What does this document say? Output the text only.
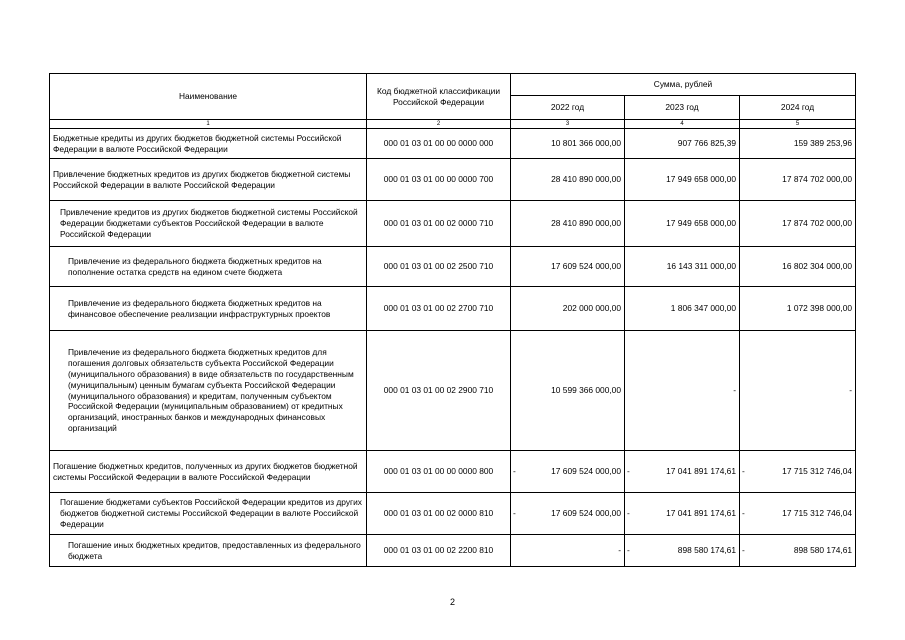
Наименование	Код бюджетной классификации Российской Федерации	Сумма, рублей		
		2022 год	2023 год	2024 год
1	2	3	4	5
Бюджетные кредиты из других бюджетов бюджетной системы Российской Федерации в валюте Российской Федерации	000 01 03 01 00 00 0000 000	10 801 366 000,00	907 766 825,39	159 389 253,96
Привлечение бюджетных кредитов из других бюджетов бюджетной системы Российской Федерации в валюте Российской Федерации	000 01 03 01 00 00 0000 700	28 410 890 000,00	17 949 658 000,00	17 874 702 000,00
Привлечение кредитов из других бюджетов бюджетной системы Российской Федерации бюджетами субъектов Российской Федерации в валюте Российской Федерации	000 01 03 01 00 02 0000 710	28 410 890 000,00	17 949 658 000,00	17 874 702 000,00
Привлечение из федерального бюджета бюджетных кредитов на пополнение остатка средств на едином счете бюджета	000 01 03 01 00 02 2500 710	17 609 524 000,00	16 143 311 000,00	16 802 304 000,00
Привлечение из федерального бюджета бюджетных кредитов на финансовое обеспечение реализации инфраструктурных проектов	000 01 03 01 00 02 2700 710	202 000 000,00	1 806 347 000,00	1 072 398 000,00
Привлечение из федерального бюджета бюджетных кредитов для погашения долговых обязательств субъекта Российской Федерации (муниципального образования) в виде обязательств по государственным (муниципальным) ценным бумагам субъекта Российской Федерации (муниципального образования) и кредитам, полученным субъектом Российской Федерации (муниципальным образованием) от кредитных организаций, иностранных банков и международных финансовых организаций	000 01 03 01 00 02 2900 710	10 599 366 000,00	-	-
Погашение бюджетных кредитов, полученных из других бюджетов бюджетной системы Российской Федерации в валюте Российской Федерации	000 01 03 01 00 00 0000 800	- 17 609 524 000,00	- 17 041 891 174,61	- 17 715 312 746,04
Погашение бюджетами субъектов Российской Федерации кредитов из других бюджетов бюджетной системы Российской Федерации в валюте Российской Федерации	000 01 03 01 00 02 0000 810	- 17 609 524 000,00	- 17 041 891 174,61	- 17 715 312 746,04
Погашение иных бюджетных кредитов, предоставленных из федерального бюджета	000 01 03 01 00 02 2200 810	-	- 898 580 174,61	- 898 580 174,61
2
